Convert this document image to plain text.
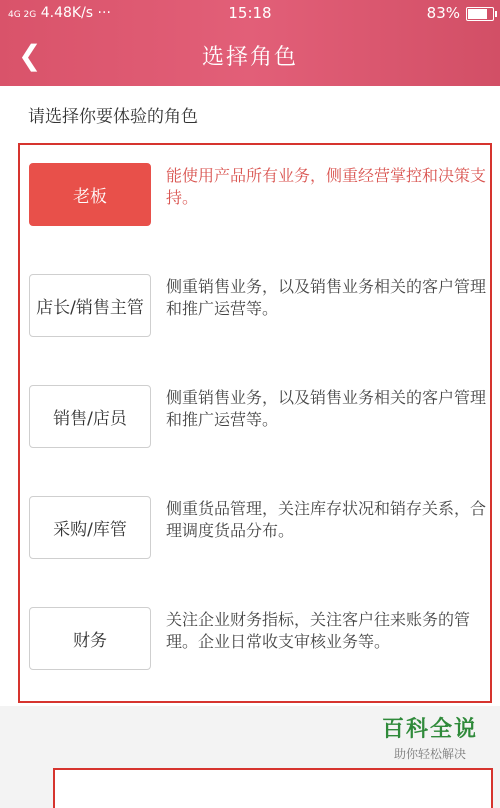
4G 2G 4.48K/s ···	15:18	83%
❮	选择角色
请选择你要体验的角色
老板
能使用产品所有业务，侧重经营掌控和决策支持。
店长/销售主管
侧重销售业务，以及销售业务相关的客户管理和推广运营等。
销售/店员
侧重销售业务，以及销售业务相关的客户管理和推广运营等。
采购/库管
侧重货品管理，关注库存状况和销存关系，合理调度货品分布。
财务
关注企业财务指标，关注客户往来账务的管理。企业日常收支审核业务等。
百科全说
助你轻松解决
